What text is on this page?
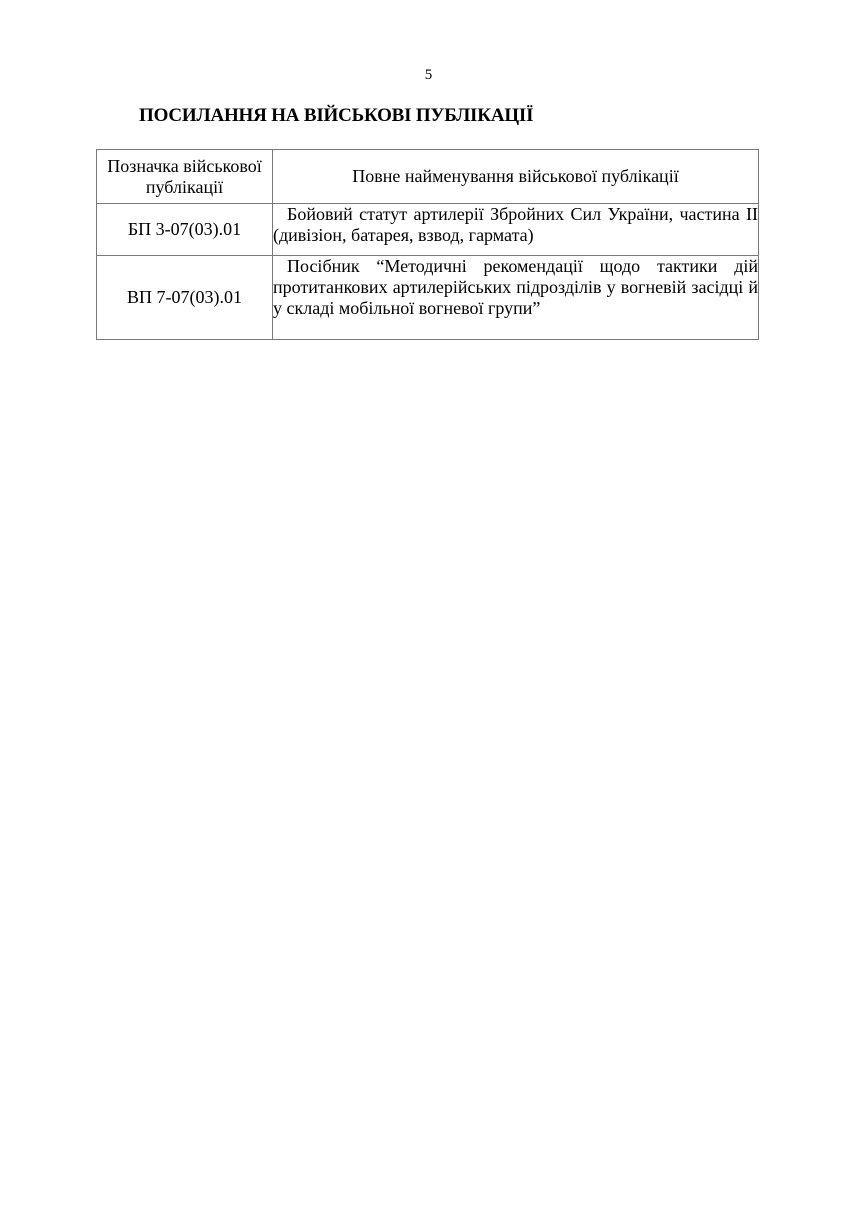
5
ПОСИЛАННЯ НА ВІЙСЬКОВІ ПУБЛІКАЦІЇ
Позначка військової публікації	Повне найменування військової публікації
БП 3-07(03).01	Бойовий статут артилерії Збройних Сил України, частина ІІ (дивізіон, батарея, взвод, гармата)
ВП 7-07(03).01	Посібник “Методичні рекомендації щодо тактики дій протитанкових артилерійських підрозділів у вогневій засідці й у складі мобільної вогневої групи”
